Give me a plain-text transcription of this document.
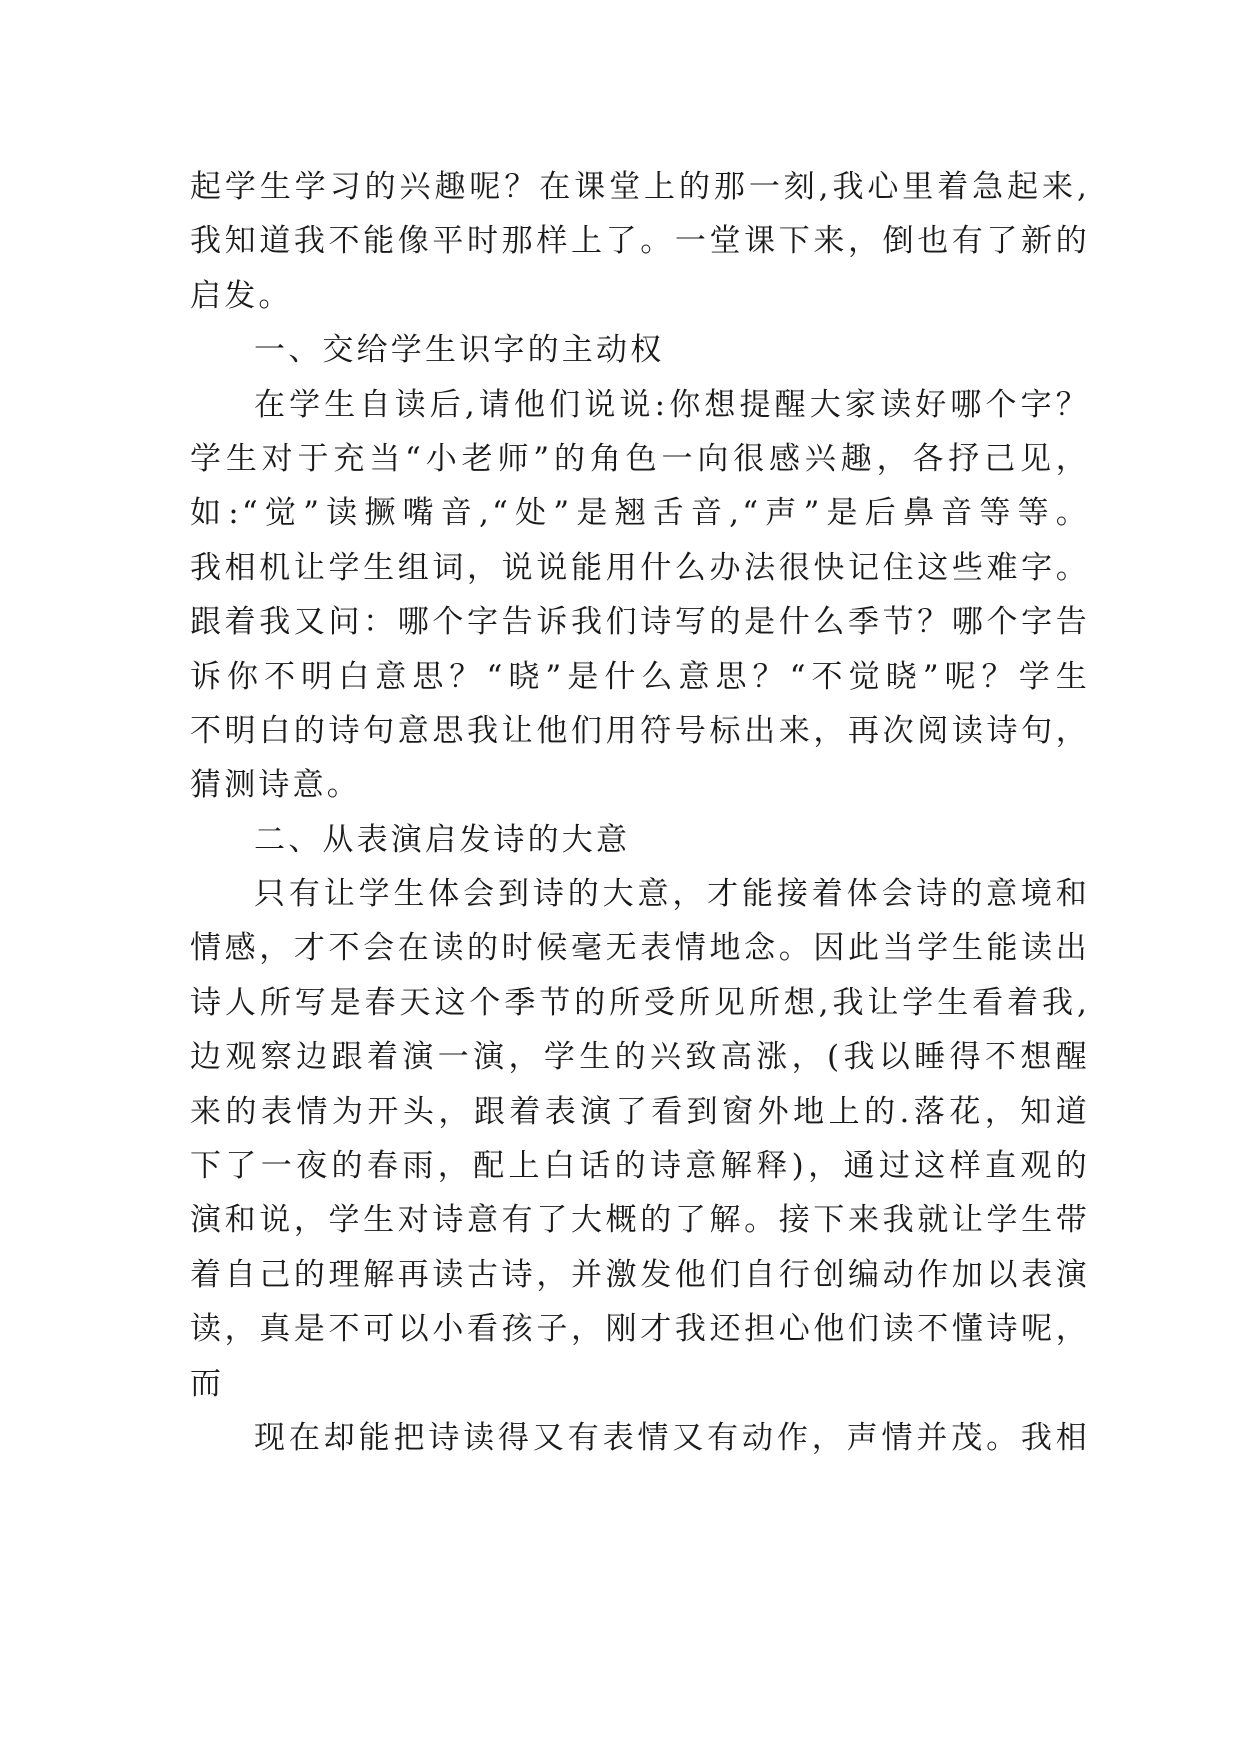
起学生学习的兴趣呢？在课堂上的那一刻,我心里着急起来,
我知道我不能像平时那样上了。一堂课下来，倒也有了新的
启发。
一、交给学生识字的主动权
在学生自读后,请他们说说:你想提醒大家读好哪个字？
学生对于充当“小老师”的角色一向很感兴趣，各抒己见，
如:“觉”读撅嘴音,“处”是翘舌音,“声”是后鼻音等等。
我相机让学生组词，说说能用什么办法很快记住这些难字。
跟着我又问：哪个字告诉我们诗写的是什么季节？哪个字告
诉你不明白意思？“晓”是什么意思？“不觉晓”呢？学生
不明白的诗句意思我让他们用符号标出来，再次阅读诗句，
猜测诗意。
二、从表演启发诗的大意
只有让学生体会到诗的大意，才能接着体会诗的意境和
情感，才不会在读的时候毫无表情地念。因此当学生能读出
诗人所写是春天这个季节的所受所见所想,我让学生看着我,
边观察边跟着演一演，学生的兴致高涨，(我以睡得不想醒
来的表情为开头，跟着表演了看到窗外地上的.落花，知道
下了一夜的春雨，配上白话的诗意解释)，通过这样直观的
演和说，学生对诗意有了大概的了解。接下来我就让学生带
着自己的理解再读古诗，并激发他们自行创编动作加以表演
读，真是不可以小看孩子，刚才我还担心他们读不懂诗呢，
而
现在却能把诗读得又有表情又有动作，声情并茂。我相
